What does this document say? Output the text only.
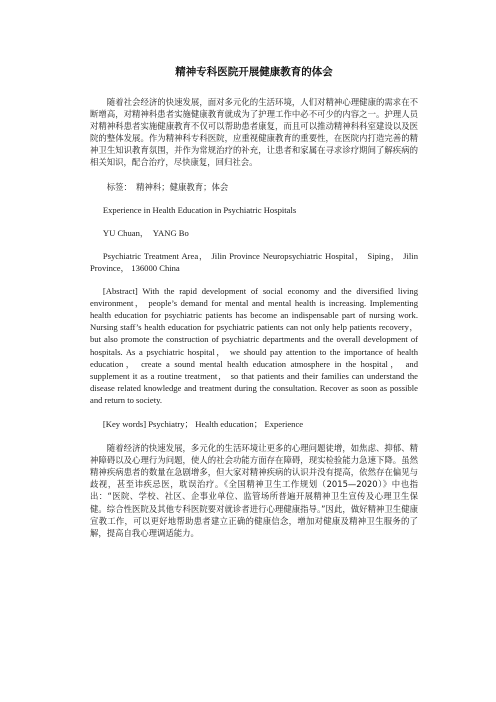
精神专科医院开展健康教育的体会

随着社会经济的快速发展，面对多元化的生活环境，人们对精神心理健康的需求在不断增高，对精神科患者实施健康教育就成为了护理工作中必不可少的内容之一。护理人员对精神科患者实施健康教育不仅可以帮助患者康复，而且可以推动精神科科室建设以及医院的整体发展。作为精神科专科医院，应重视健康教育的重要性，在医院内打造完善的精神卫生知识教育氛围，并作为常规治疗的补充，让患者和家属在寻求诊疗期间了解疾病的相关知识，配合治疗，尽快康复，回归社会。

标签：　精神科；健康教育；体会

Experience in Health Education in Psychiatric Hospitals

YU Chuan，　YANG Bo

Psychiatric Treatment Area， Jilin Province Neuropsychiatric Hospital， Siping， Jilin Province， 136000 China

[Abstract] With the rapid development of social economy and the diversified living environment， people’s demand for mental and mental health is increasing. Implementing health education for psychiatric patients has become an indispensable part of nursing work. Nursing staff’s health education for psychiatric patients can not only help patients recovery， but also promote the construction of psychiatric departments and the overall development of hospitals. As a psychiatric hospital， we should pay attention to the importance of health education， create a sound mental health education atmosphere in the hospital， and supplement it as a routine treatment， so that patients and their families can understand the disease related knowledge and treatment during the consultation. Recover as soon as possible and return to society.

[Key words] Psychiatry； Health education； Experience

随着经济的快速发展，多元化的生活环境让更多的心理问题徒增，如焦虑、抑郁、精神障碍以及心理行为问题，使人的社会功能方面存在障碍，现实检验能力急速下降。虽然精神疾病患者的数量在急剧增多，但大家对精神疾病的认识并没有提高，依然存在偏见与歧视，甚至讳疾忌医，耽误治疗。《全国精神卫生工作规划（2015—2020）》中也指出：“医院、学校、社区、企事业单位、监管场所普遍开展精神卫生宣传及心理卫生保健。综合性医院及其他专科医院要对就诊者进行心理健康指导。”因此，做好精神卫生健康宣教工作，可以更好地帮助患者建立正确的健康信念，增加对健康及精神卫生服务的了解，提高自我心理调适能力。
